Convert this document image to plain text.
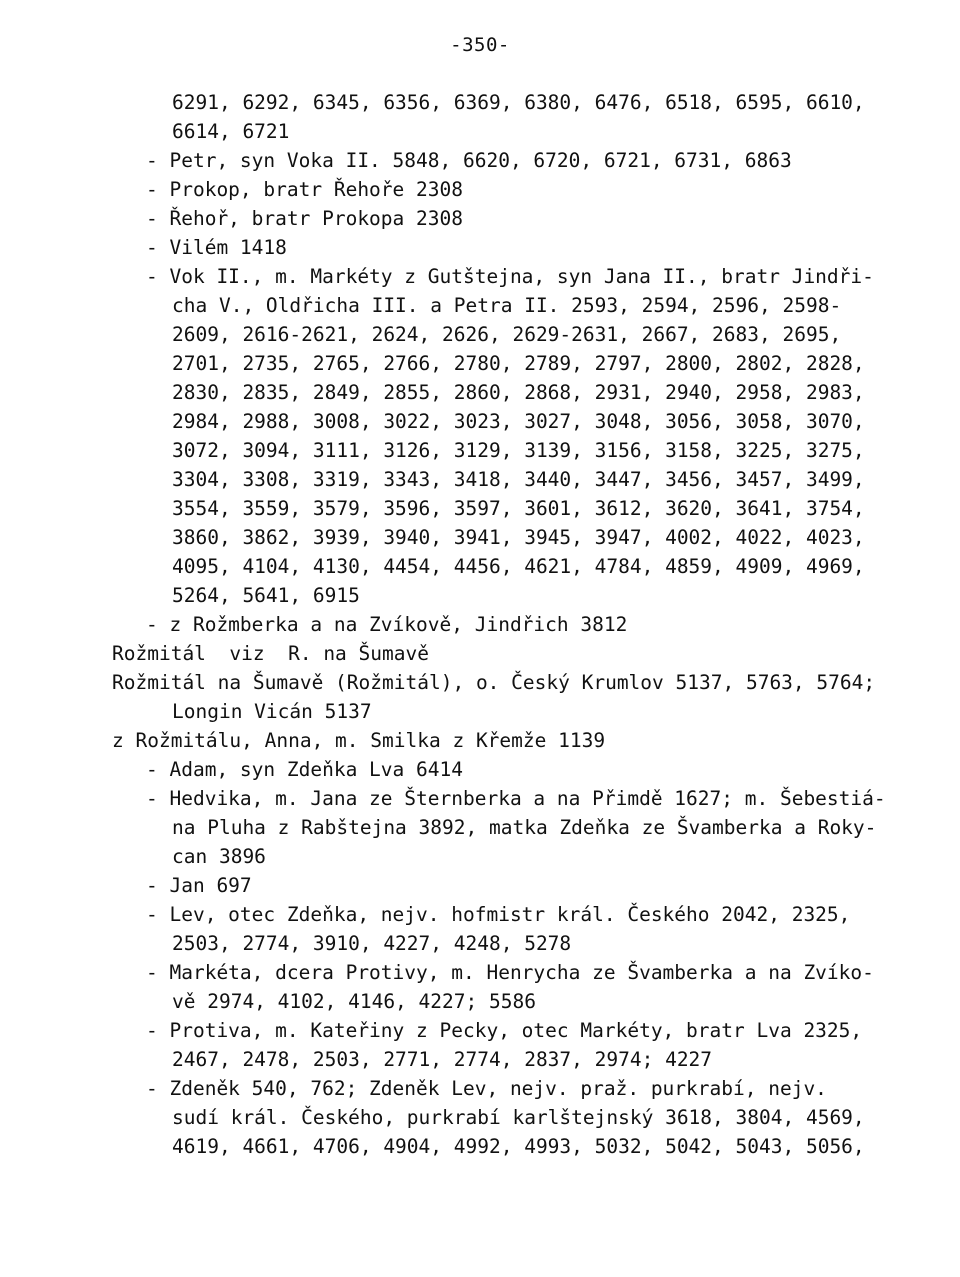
-350-
6291, 6292, 6345, 6356, 6369, 6380, 6476, 6518, 6595, 6610,
6614, 6721
- Petr, syn Voka II. 5848, 6620, 6720, 6721, 6731, 6863
- Prokop, bratr Řehoře 2308
- Řehoř, bratr Prokopa 2308
- Vilém 1418
- Vok II., m. Markéty z Gutštejna, syn Jana II., bratr Jindři-
cha V., Oldřicha III. a Petra II. 2593, 2594, 2596, 2598-
2609, 2616-2621, 2624, 2626, 2629-2631, 2667, 2683, 2695,
2701, 2735, 2765, 2766, 2780, 2789, 2797, 2800, 2802, 2828,
2830, 2835, 2849, 2855, 2860, 2868, 2931, 2940, 2958, 2983,
2984, 2988, 3008, 3022, 3023, 3027, 3048, 3056, 3058, 3070,
3072, 3094, 3111, 3126, 3129, 3139, 3156, 3158, 3225, 3275,
3304, 3308, 3319, 3343, 3418, 3440, 3447, 3456, 3457, 3499,
3554, 3559, 3579, 3596, 3597, 3601, 3612, 3620, 3641, 3754,
3860, 3862, 3939, 3940, 3941, 3945, 3947, 4002, 4022, 4023,
4095, 4104, 4130, 4454, 4456, 4621, 4784, 4859, 4909, 4969,
5264, 5641, 6915
- z Rožmberka a na Zvíkově, Jindřich 3812
Rožmitál  viz  R. na Šumavě
Rožmitál na Šumavě (Rožmitál), o. Český Krumlov 5137, 5763, 5764;
Longin Vicán 5137
z Rožmitálu, Anna, m. Smilka z Křemže 1139
- Adam, syn Zdeňka Lva 6414
- Hedvika, m. Jana ze Šternberka a na Přimdě 1627; m. Šebestiá-
na Pluha z Rabštejna 3892, matka Zdeňka ze Švamberka a Roky-
can 3896
- Jan 697
- Lev, otec Zdeňka, nejv. hofmistr král. Českého 2042, 2325,
2503, 2774, 3910, 4227, 4248, 5278
- Markéta, dcera Protivy, m. Henrycha ze Švamberka a na Zvíko-
vě 2974, 4102, 4146, 4227; 5586
- Protiva, m. Kateřiny z Pecky, otec Markéty, bratr Lva 2325,
2467, 2478, 2503, 2771, 2774, 2837, 2974; 4227
- Zdeněk 540, 762; Zdeněk Lev, nejv. praž. purkrabí, nejv.
sudí král. Českého, purkrabí karlštejnský 3618, 3804, 4569,
4619, 4661, 4706, 4904, 4992, 4993, 5032, 5042, 5043, 5056,
